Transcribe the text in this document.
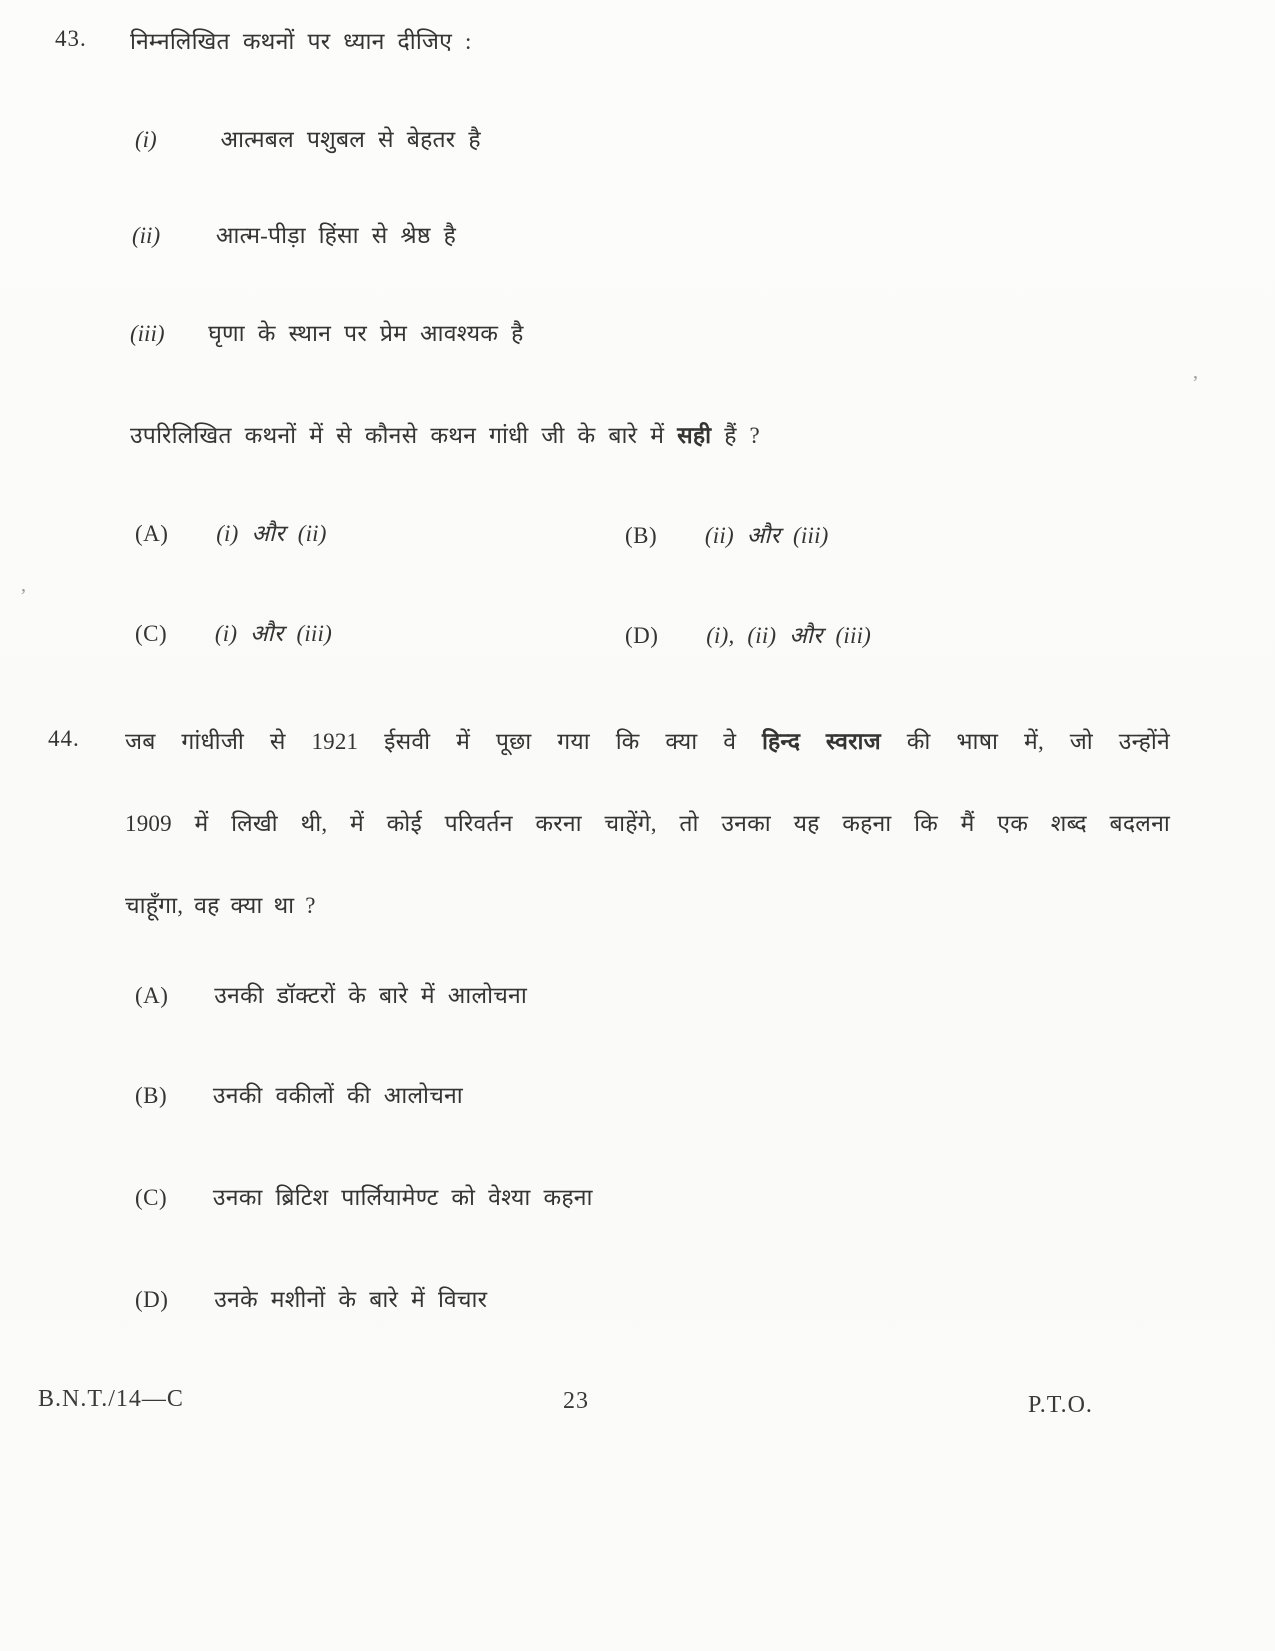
43. निम्नलिखित कथनों पर ध्यान दीजिए :
(i)	आत्मबल पशुबल से बेहतर है
(ii) आत्म-पीड़ा हिंसा से श्रेष्ठ है
(iii) घृणा के स्थान पर प्रेम आवश्यक है
उपरिलिखित कथनों में से कौनसे कथन गांधी जी के बारे में सही हैं ?
(A) (i) और (ii)	(B) (ii) और (iii)
(C) (i) और (iii)	(D) (i), (ii) और (iii)
44. जब गांधीजी से 1921 ईसवी में पूछा गया कि क्या वे हिन्द स्वराज की भाषा में, जो उन्होंने
1909 में लिखी थी, में कोई परिवर्तन करना चाहेंगे, तो उनका यह कहना कि मैं एक शब्द बदलना
चाहूँगा, वह क्या था ?
(A) उनकी डॉक्टरों के बारे में आलोचना
(B) उनकी वकीलों की आलोचना
(C) उनका ब्रिटिश पार्लियामेण्ट को वेश्या कहना
(D) उनके मशीनों के बारे में विचार
B.N.T./14—C	23	P.T.O.
’
’
